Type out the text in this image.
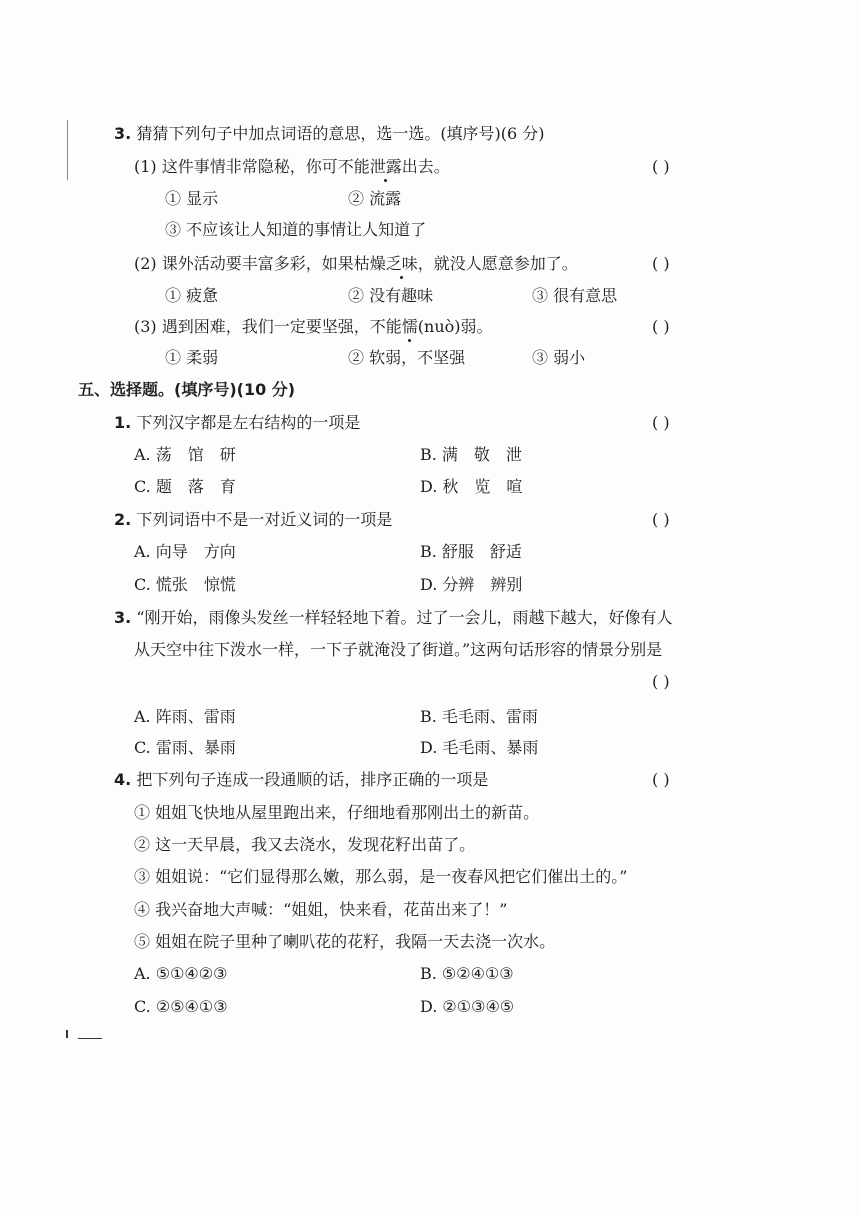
3. 猜猜下列句子中加点词语的意思，选一选。(填序号)(6 分)
(1) 这件事情非常隐秘，你可不能泄露出去。	( )
① 显示	② 流露
③ 不应该让人知道的事情让人知道了
(2) 课外活动要丰富多彩，如果枯燥乏味，就没人愿意参加了。	( )
① 疲惫	② 没有趣味	③ 很有意思
(3) 遇到困难，我们一定要坚强，不能懦(nuò)弱。	( )
① 柔弱	② 软弱，不坚强	③ 弱小
五、选择题。(填序号)(10 分)
1. 下列汉字都是左右结构的一项是	( )
A. 荡　馆　研	B. 满　敬　泄
C. 题　落　育	D. 秋　览　喧
2. 下列词语中不是一对近义词的一项是	( )
A. 向导　方向	B. 舒服　舒适
C. 慌张　惊慌	D. 分辨　辨别
3. “刚开始，雨像头发丝一样轻轻地下着。过了一会儿，雨越下越大，好像有人
从天空中往下泼水一样，一下子就淹没了街道。”这两句话形容的情景分别是
( )
A. 阵雨、雷雨	B. 毛毛雨、雷雨
C. 雷雨、暴雨	D. 毛毛雨、暴雨
4. 把下列句子连成一段通顺的话，排序正确的一项是	( )
① 姐姐飞快地从屋里跑出来，仔细地看那刚出土的新苗。
② 这一天早晨，我又去浇水，发现花籽出苗了。
③ 姐姐说：“它们显得那么嫩，那么弱，是一夜春风把它们催出土的。”
④ 我兴奋地大声喊：“姐姐，快来看，花苗出来了！”
⑤ 姐姐在院子里种了喇叭花的花籽，我隔一天去浇一次水。
A. ⑤①④②③	B. ⑤②④①③
C. ②⑤④①③	D. ②①③④⑤
